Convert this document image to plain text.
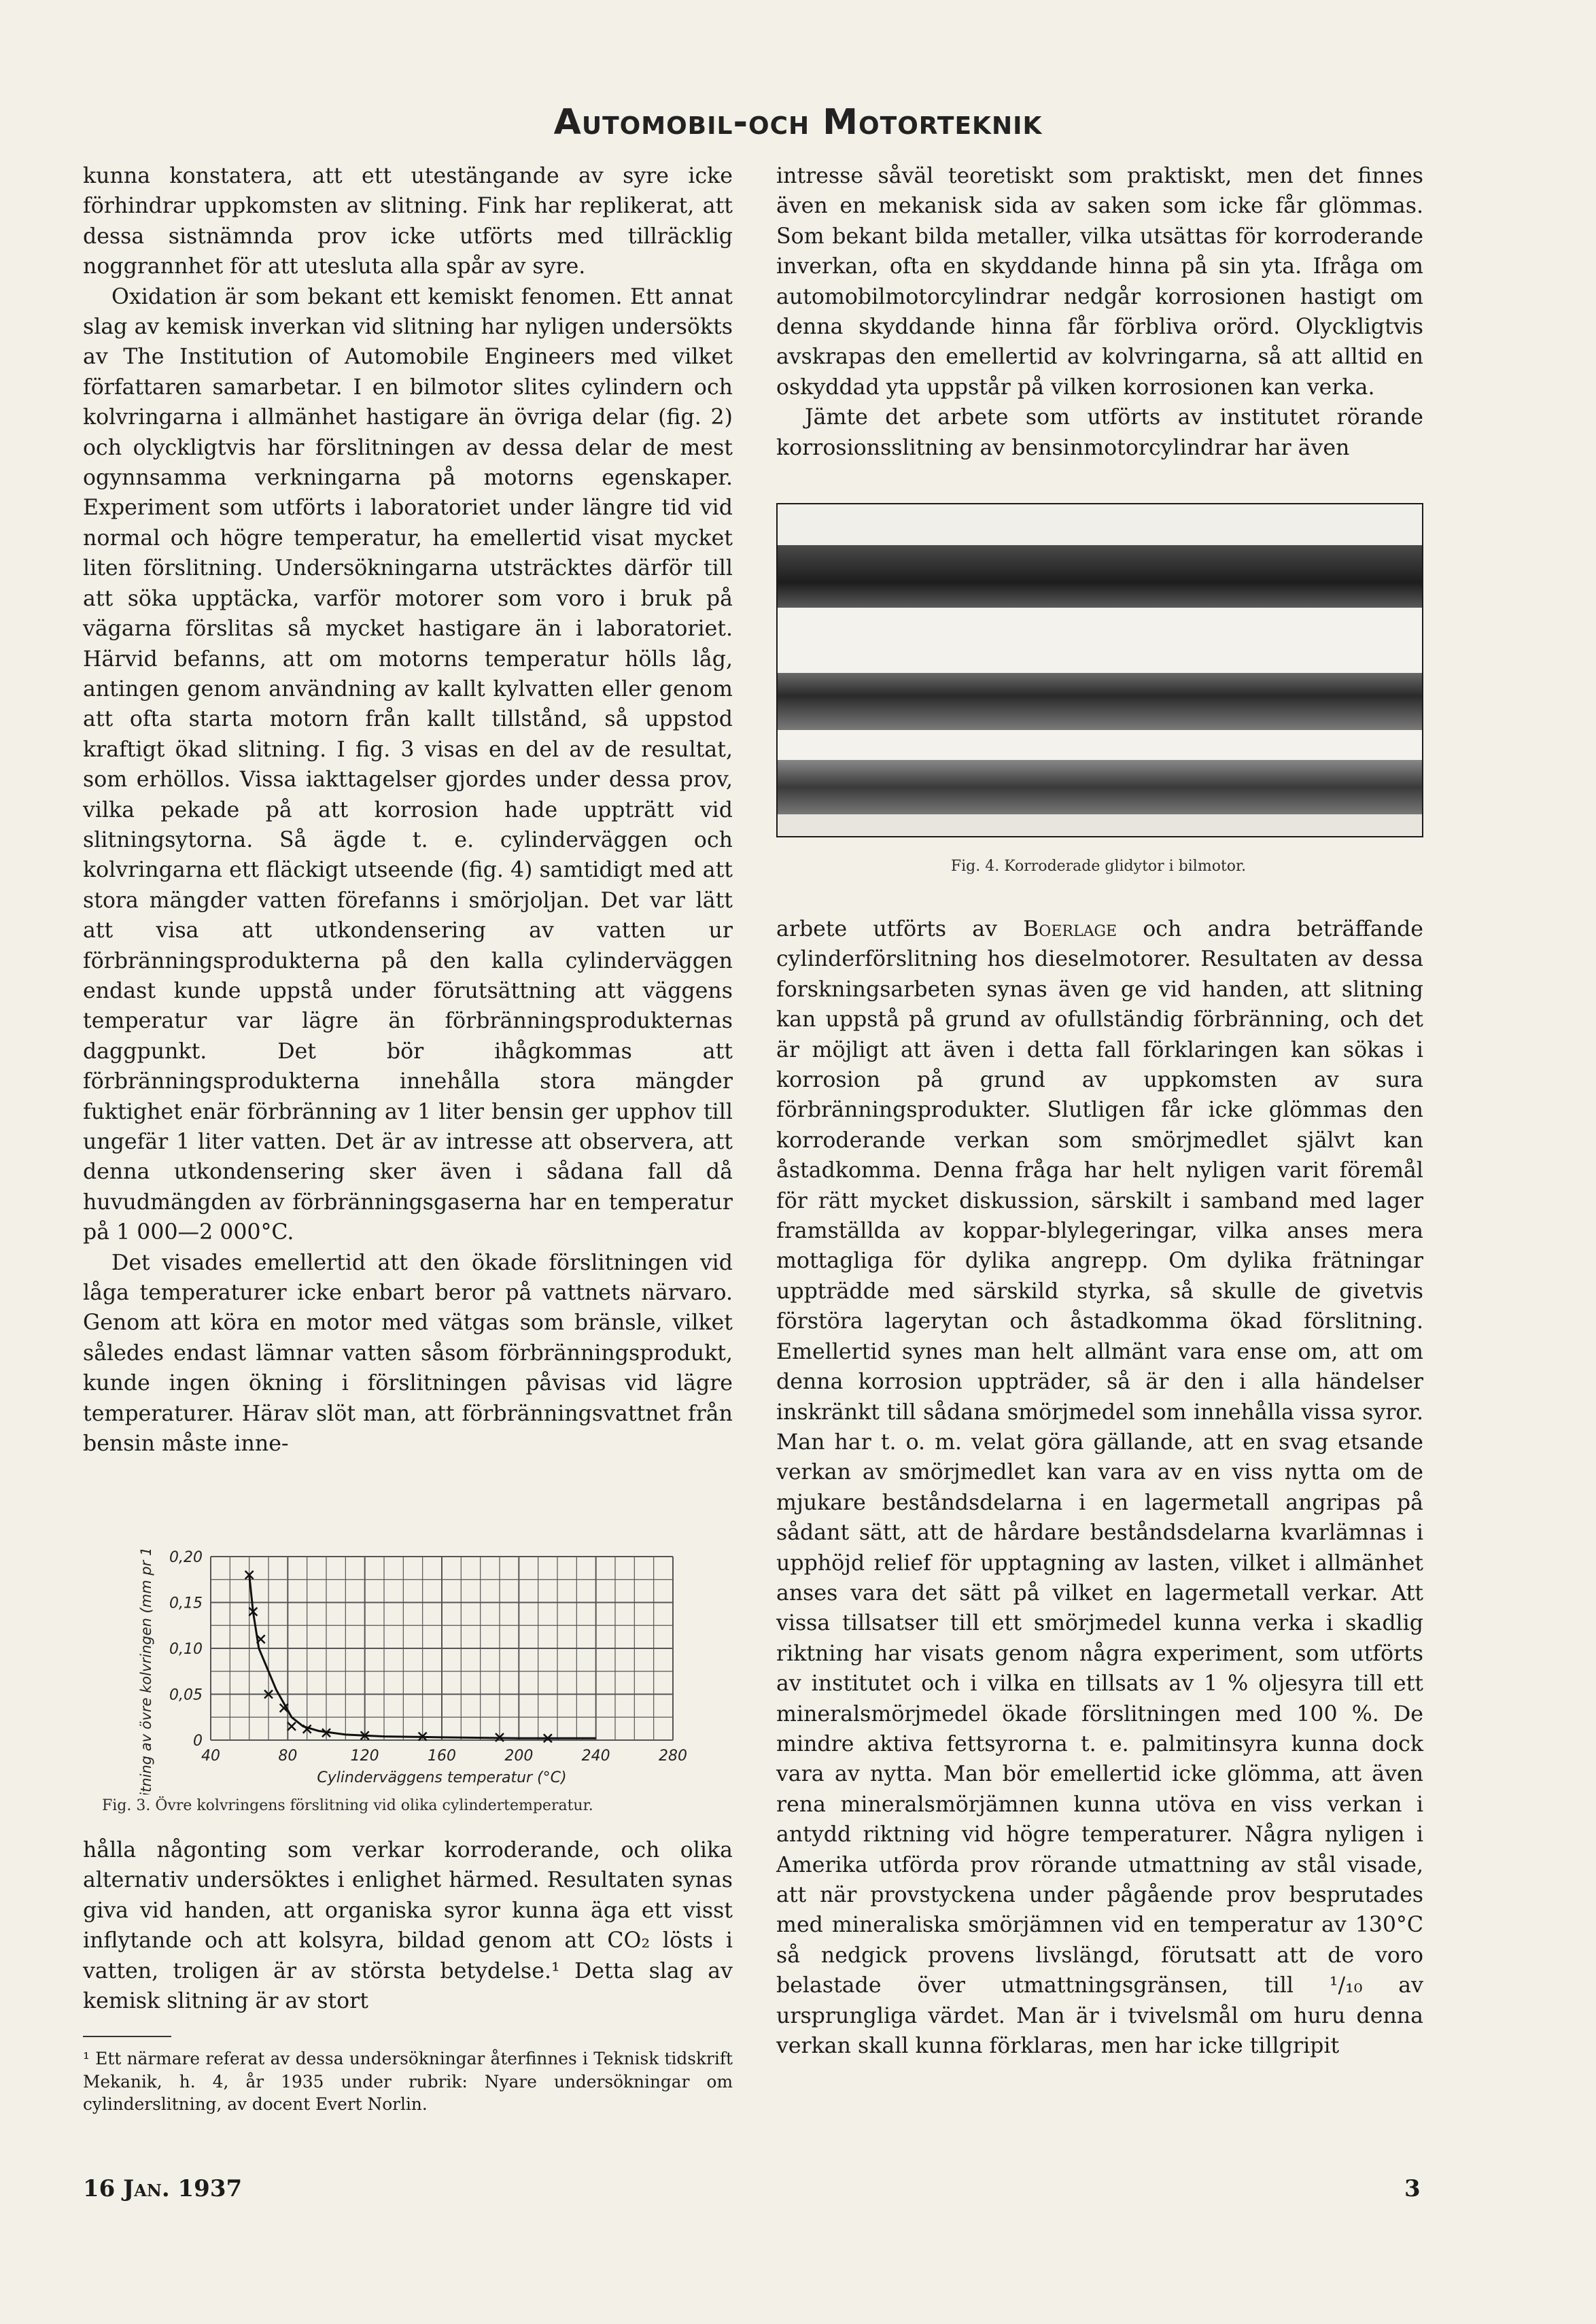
Automobil-och Motorteknik

kunna konstatera, att ett utestängande av syre icke förhindrar uppkomsten av slitning. Fink har replikerat, att dessa sistnämnda prov icke utförts med tillräcklig noggrannhet för att utesluta alla spår av syre.

Oxidation är som bekant ett kemiskt fenomen. Ett annat slag av kemisk inverkan vid slitning har nyligen undersökts av The Institution of Automobile Engineers med vilket författaren samarbetar. I en bilmotor slites cylindern och kolvringarna i allmänhet hastigare än övriga delar (fig. 2) och olyckligtvis har förslitningen av dessa delar de mest ogynnsamma verkningarna på motorns egenskaper. Experiment som utförts i laboratoriet under längre tid vid normal och högre temperatur, ha emellertid visat mycket liten förslitning. Undersökningarna utsträcktes därför till att söka upptäcka, varför motorer som voro i bruk på vägarna förslitas så mycket hastigare än i laboratoriet. Härvid befanns, att om motorns temperatur hölls låg, antingen genom användning av kallt kylvatten eller genom att ofta starta motorn från kallt tillstånd, så uppstod kraftigt ökad slitning. I fig. 3 visas en del av de resultat, som erhöllos. Vissa iakttagelser gjordes under dessa prov, vilka pekade på att korrosion hade uppträtt vid slitningsytorna. Så ägde t. e. cylinderväggen och kolvringarna ett fläckigt utseende (fig. 4) samtidigt med att stora mängder vatten förefanns i smörjoljan. Det var lätt att visa att utkondensering av vatten ur förbränningsprodukterna på den kalla cylinderväggen endast kunde uppstå under förutsättning att väggens temperatur var lägre än förbränningsprodukternas daggpunkt. Det bör ihågkommas att förbränningsprodukterna innehålla stora mängder fuktighet enär förbränning av 1 liter bensin ger upphov till ungefär 1 liter vatten. Det är av intresse att observera, att denna utkondensering sker även i sådana fall då huvudmängden av förbränningsgaserna har en temperatur på 1 000—2 000°C.

Det visades emellertid att den ökade förslitningen vid låga temperaturer icke enbart beror på vattnets närvaro. Genom att köra en motor med vätgas som bränsle, vilket således endast lämnar vatten såsom förbränningsprodukt, kunde ingen ökning i förslitningen påvisas vid lägre temperaturer. Härav slöt man, att förbränningsvattnet från bensin måste inne-

0
0,05
0,10
0,15
0,20
40	80	120	160	200	240	280
Cylinderväggens temperatur (°C)
Slitning av övre kolvringen (mm pr 1000 km)
Fig. 3. Övre kolvringens förslitning vid olika cylindertemperatur.

hålla någonting som verkar korroderande, och olika alternativ undersöktes i enlighet härmed. Resultaten synas giva vid handen, att organiska syror kunna äga ett visst inflytande och att kolsyra, bildad genom att CO₂ lösts i vatten, troligen är av största betydelse.¹ Detta slag av kemisk slitning är av stort

¹ Ett närmare referat av dessa undersökningar återfinnes i Teknisk tidskrift Mekanik, h. 4, år 1935 under rubrik: Nyare undersökningar om cylinderslitning, av docent Evert Norlin.

intresse såväl teoretiskt som praktiskt, men det finnes även en mekanisk sida av saken som icke får glömmas. Som bekant bilda metaller, vilka utsättas för korroderande inverkan, ofta en skyddande hinna på sin yta. Ifråga om automobilmotorcylindrar nedgår korrosionen hastigt om denna skyddande hinna får förbliva orörd. Olyckligtvis avskrapas den emellertid av kolvringarna, så att alltid en oskyddad yta uppstår på vilken korrosionen kan verka.

Jämte det arbete som utförts av institutet rörande korrosionsslitning av bensinmotorcylindrar har även

Fig. 4. Korroderade glidytor i bilmotor.

arbete utförts av Boerlage och andra beträffande cylinderförslitning hos dieselmotorer. Resultaten av dessa forskningsarbeten synas även ge vid handen, att slitning kan uppstå på grund av ofullständig förbränning, och det är möjligt att även i detta fall förklaringen kan sökas i korrosion på grund av uppkomsten av sura förbränningsprodukter. Slutligen får icke glömmas den korroderande verkan som smörjmedlet självt kan åstadkomma. Denna fråga har helt nyligen varit föremål för rätt mycket diskussion, särskilt i samband med lager framställda av koppar-blylegeringar, vilka anses mera mottagliga för dylika angrepp. Om dylika frätningar uppträdde med särskild styrka, så skulle de givetvis förstöra lagerytan och åstadkomma ökad förslitning. Emellertid synes man helt allmänt vara ense om, att om denna korrosion uppträder, så är den i alla händelser inskränkt till sådana smörjmedel som innehålla vissa syror. Man har t. o. m. velat göra gällande, att en svag etsande verkan av smörjmedlet kan vara av en viss nytta om de mjukare beståndsdelarna i en lagermetall angripas på sådant sätt, att de hårdare beståndsdelarna kvarlämnas i upphöjd relief för upptagning av lasten, vilket i allmänhet anses vara det sätt på vilket en lagermetall verkar. Att vissa tillsatser till ett smörjmedel kunna verka i skadlig riktning har visats genom några experiment, som utförts av institutet och i vilka en tillsats av 1 % oljesyra till ett mineralsmörjmedel ökade förslitningen med 100 %. De mindre aktiva fettsyrorna t. e. palmitinsyra kunna dock vara av nytta. Man bör emellertid icke glömma, att även rena mineralsmörjämnen kunna utöva en viss verkan i antydd riktning vid högre temperaturer. Några nyligen i Amerika utförda prov rörande utmattning av stål visade, att när provstyckena under pågående prov besprutades med mineraliska smörjämnen vid en temperatur av 130°C så nedgick provens livslängd, förutsatt att de voro belastade över utmattningsgränsen, till ¹/₁₀ av ursprungliga värdet. Man är i tvivelsmål om huru denna verkan skall kunna förklaras, men har icke tillgripit

16 Jan. 1937	3
